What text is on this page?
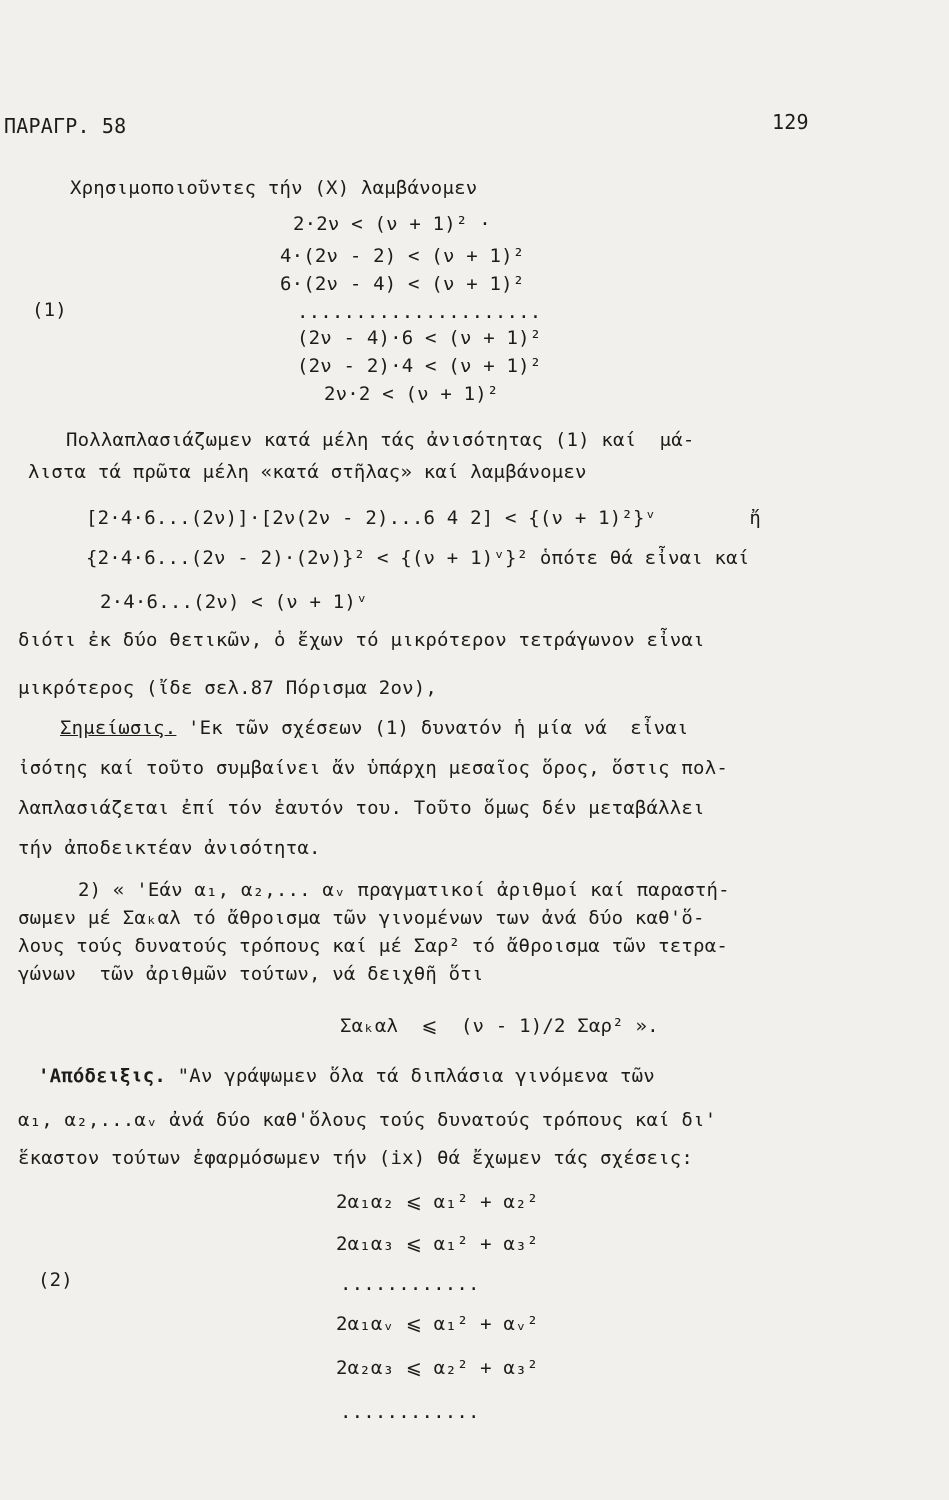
ΠΑΡΑΓΡ. 58	129
Χρησιμοποιοῦντες τήν (Χ) λαμβάνομεν
2·2ν < (ν + 1)² ·
4·(2ν - 2) < (ν + 1)²
6·(2ν - 4) < (ν + 1)²
(1)	.....................
(2ν - 4)·6 < (ν + 1)²
(2ν - 2)·4 < (ν + 1)²
2ν·2 < (ν + 1)²
Πολλαπλασιάζωμεν κατά μέλη τάς ἀνισότητας (1) καί  μά-
λιστα τά πρῶτα μέλη «κατά στῆλας» καί λαμβάνομεν
[2·4·6...(2ν)]·[2ν(2ν - 2)...6 4 2] < {(ν + 1)²}ᵛ        ἤ
{2·4·6...(2ν - 2)·(2ν)}² < {(ν + 1)ᵛ}² ὁπότε θά εἶναι καί
2·4·6...(2ν) < (ν + 1)ᵛ
διότι ἐκ δύο θετικῶν, ὁ ἔχων τό μικρότερον τετράγωνον εἶναι
μικρότερος (ἴδε σελ.87 Πόρισμα 2ον),
Σημείωσις. 'Εκ τῶν σχέσεων (1) δυνατόν ἡ μία νά  εἶναι
ἰσότης καί τοῦτο συμβαίνει ἄν ὑπάρχη μεσαῖος ὅρος, ὅστις πολ-
λαπλασιάζεται ἐπί τόν ἑαυτόν του. Τοῦτο ὅμως δέν μεταβάλλει
τήν ἀποδεικτέαν ἀνισότητα.
2) « 'Εάν α₁, α₂,... αᵥ πραγματικοί ἀριθμοί καί παραστή-
σωμεν μέ Σαₖαλ τό ἄθροισμα τῶν γινομένων των ἀνά δύο καθ'ὅ-
λους τούς δυνατούς τρόπους καί μέ Σαρ² τό ἄθροισμα τῶν τετρα-
γώνων  τῶν ἀριθμῶν τούτων, νά δειχθῆ ὅτι
Σαₖαλ  ⩽  (ν - 1)/2 Σαρ² ».
'Απόδειξις. "Αν γράψωμεν ὅλα τά διπλάσια γινόμενα τῶν
α₁, α₂,...αᵥ ἀνά δύο καθ'ὅλους τούς δυνατούς τρόπους καί δι'
ἕκαστον τούτων ἐφαρμόσωμεν τήν (ix) θά ἔχωμεν τάς σχέσεις:
2α₁α₂ ⩽ α₁² + α₂²
2α₁α₃ ⩽ α₁² + α₃²
(2)	............
2α₁αᵥ ⩽ α₁² + αᵥ²
2α₂α₃ ⩽ α₂² + α₃²
............
